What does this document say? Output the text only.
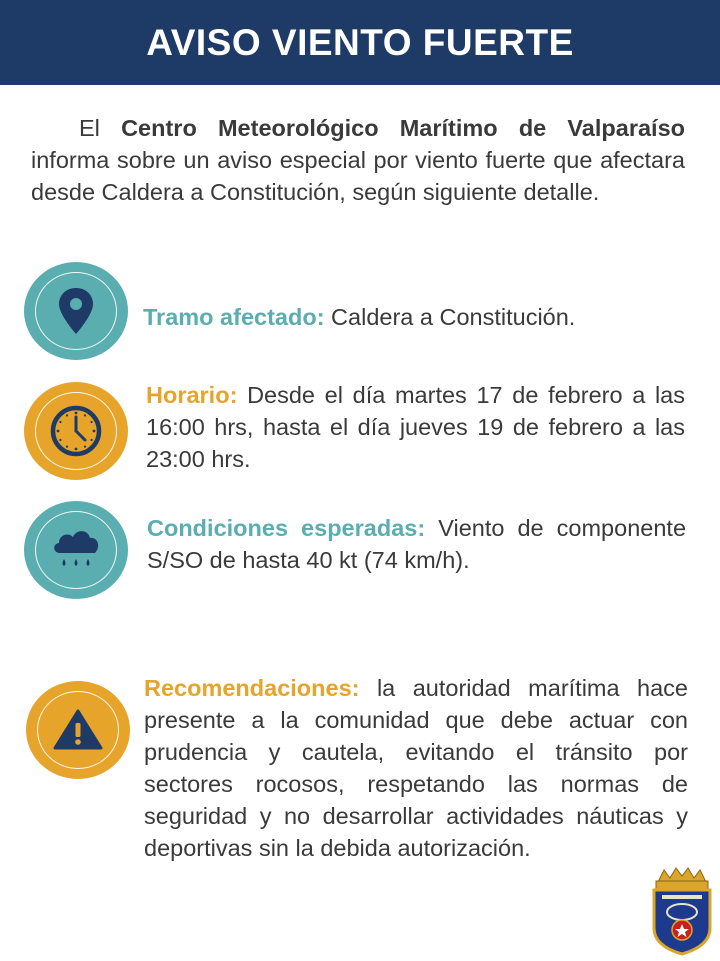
AVISO VIENTO FUERTE
El Centro Meteorológico Marítimo de Valparaíso informa sobre un aviso especial por viento fuerte que afectara desde Caldera a Constitución, según siguiente detalle.
Tramo afectado: Caldera a Constitución.
Horario: Desde el día martes 17 de febrero a las 16:00 hrs, hasta el día jueves 19 de febrero a las 23:00 hrs.
Condiciones esperadas: Viento de componente S/SO de hasta 40 kt (74 km/h).
Recomendaciones: la autoridad marítima hace presente a la comunidad que debe actuar con prudencia y cautela, evitando el tránsito por sectores rocosos, respetando las normas de seguridad y no desarrollar actividades náuticas y deportivas sin la debida autorización.
